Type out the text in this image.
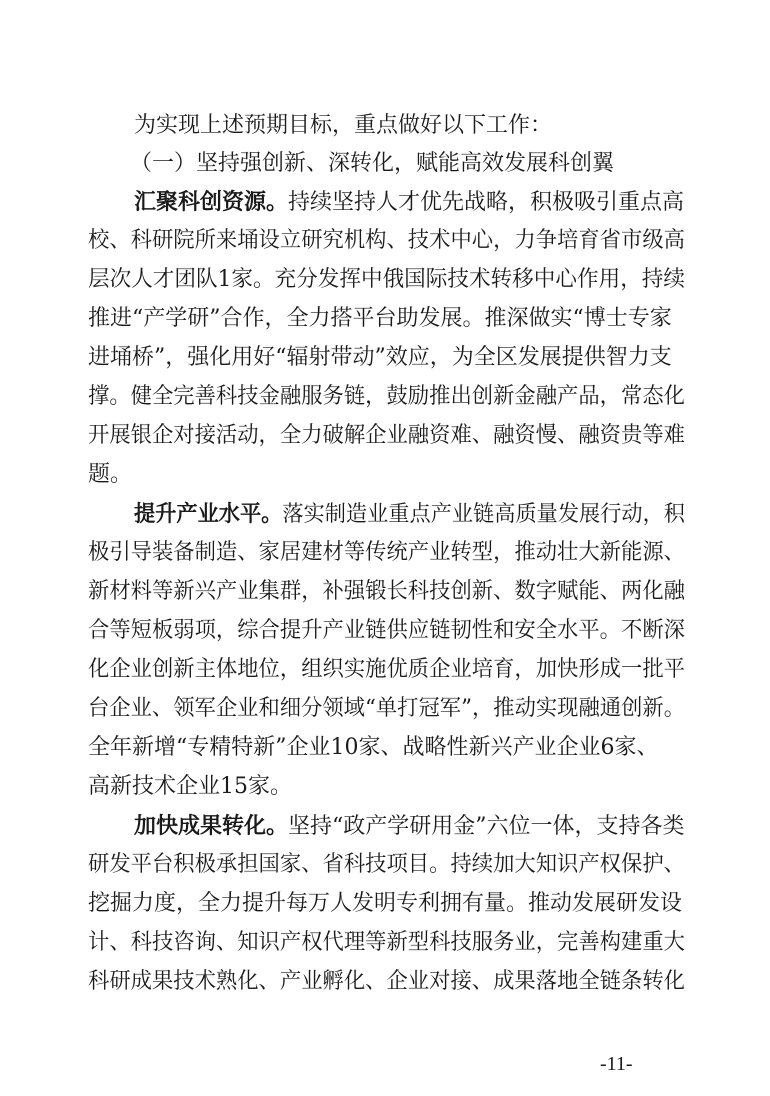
为实现上述预期目标，重点做好以下工作：
（一）坚持强创新、深转化，赋能高效发展科创翼
汇聚科创资源。持续坚持人才优先战略，积极吸引重点高
校、科研院所来埇设立研究机构、技术中心，力争培育省市级高
层次人才团队1家。充分发挥中俄国际技术转移中心作用，持续
推进“产学研”合作，全力搭平台助发展。推深做实“博士专家
进埇桥”，强化用好“辐射带动”效应，为全区发展提供智力支
撑。健全完善科技金融服务链，鼓励推出创新金融产品，常态化
开展银企对接活动，全力破解企业融资难、融资慢、融资贵等难
题。
提升产业水平。落实制造业重点产业链高质量发展行动，积
极引导装备制造、家居建材等传统产业转型，推动壮大新能源、
新材料等新兴产业集群，补强锻长科技创新、数字赋能、两化融
合等短板弱项，综合提升产业链供应链韧性和安全水平。不断深
化企业创新主体地位，组织实施优质企业培育，加快形成一批平
台企业、领军企业和细分领域“单打冠军”，推动实现融通创新。
全年新增“专精特新”企业10家、战略性新兴产业企业6家、
高新技术企业15家。
加快成果转化。坚持“政产学研用金”六位一体，支持各类
研发平台积极承担国家、省科技项目。持续加大知识产权保护、
挖掘力度，全力提升每万人发明专利拥有量。推动发展研发设
计、科技咨询、知识产权代理等新型科技服务业，完善构建重大
科研成果技术熟化、产业孵化、企业对接、成果落地全链条转化
-11-
